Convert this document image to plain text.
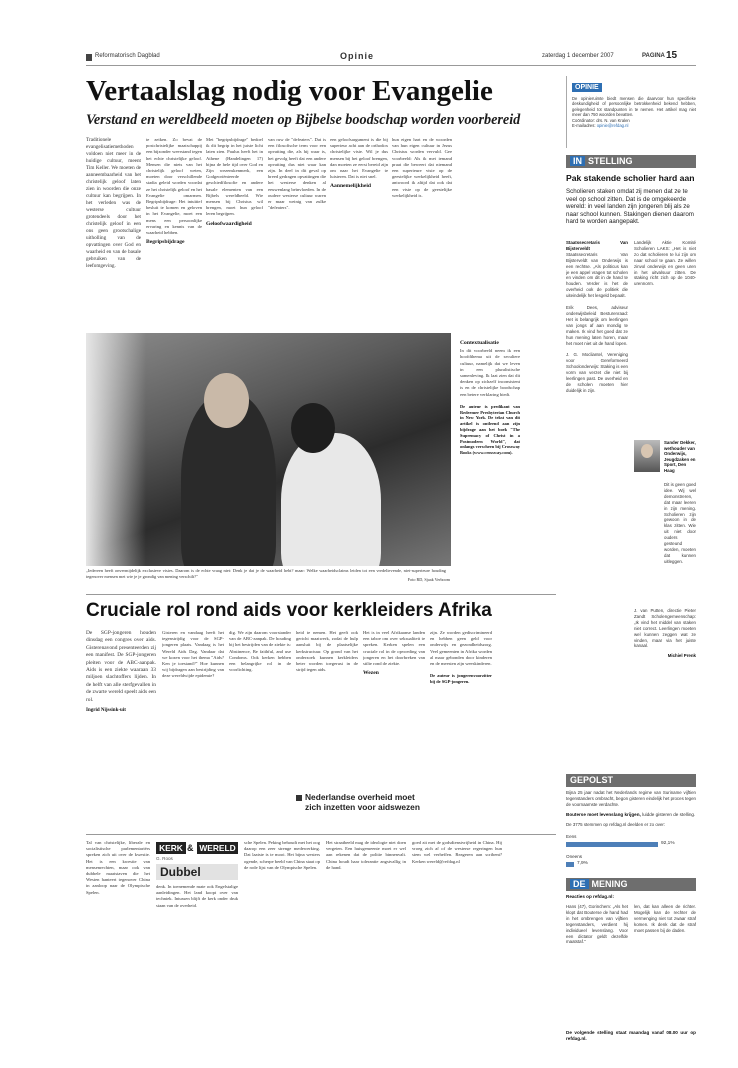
Reformatorisch Dagblad	Opinie	zaterdag 1 december 2007	PAGINA 15
Vertaalslag nodig voor Evangelie
Verstand en wereldbeeld moeten op Bijbelse boodschap worden voorbereid
Traditionele evangelisatiemethoden voldoen niet meer in de huidige cultuur, meent Tim Keller. We moeten de aanneembaarheid van het christelijk geloof laten zien in woorden die onze cultuur kan begrijpen. In het verleden was de westerse cultuur grotendeels door het christelijk geloof in een ons geen grootschalige uitholling van de opvattingen over God en waarheid en van de basale gebruiken van de leefomgeving.
te zeiken. Zo bevat de postchristelijke maatschappij een bijzonder weerstand tegen het echte christelijke geloof. Mensen die niets van het christelijk geloof weten, moeten door verschillende stadia geleid worden voordat ze het christelijk geloof en het Evangelie omarmen. Begripsbijdrage: Het intuïtief besluit te komen en geloven in het Evangelie, moet een mens een persoonlijke ervaring en kennis van de waarheid hebben.
Begripsbijdrage
Met "begripsbijdrage" bedoel ik dit begrip in het juiste licht laten zien. Paulus heeft het in Athene (Handelingen 17) bijna de hele tijd over God en Zijn wezenskenmerk, een Godgeoriënteerde geschiedfilosofie en andere basale elementen van een Bijbels wereldbeeld. Wie mensen bij Christus wil brengen, moet hun geloof leren begrijpen.
Geloofwaardigheid
van ruw de "defeaters". Dat is een filosofische term voor een opvatting die, als hij waar is, het gevolg heeft dat een andere opvatting dus niet waar kan zijn. In deel in dit geval op breed gedragen opvattingen die het westerse denken al eeuwenlang beïnvloeden. In de oudere westerse cultuur waren er maar weinig van zulke "defeaters".
een geloofsargument is die bij superieur acht aan de orthodox christelijke visie. Wil je dus mensen bij het geloof brengen, dan moeten ze eerst bereid zijn om naar het Evangelie te luisteren. Dat is niet snel.
Aannemelijkheid
hun eigen hart en de woorden van hun eigen cultuur in Jezus Christus worden vervuld. Gee voorbeeld: Als ik met iemand praat die beweert dat niemand een superieure visie op de geestelijke werkelijkheid heeft, antwoord ik altijd dat ook dat een visie op de geestelijke werkelijkheid is.
Contextualisatie
In dit voorbeeld neem ik een hoofdthema uit de seculiere cultuur, namelijk dat we leven in een pluralistische samenleving. Ik laat zien dat dit denken op zichzelf inconsistent is en de christelijke boodschap een betere verklaring biedt.
De auteur is predikant van Redeemer Presbyterian Church in New York. De tekst van dit artikel is ontleend aan zijn bijdrage aan het boek "The Supremacy of Christ in a Postmodern World", dat onlangs verscheen bij Crossway Books (www.crossway.com).
„Iedereen heeft onvermijdelijk exclusieve visies. Daarom is de echte vraag niet: Denk je dat je de waarheid hebt? maar: Welke waarheidsclaims leiden tot een vredelievende, niet-superieure houding tegenover mensen met wie je je grondig van mening verschilt?"
Foto RD, Sjaak Verboom
Cruciale rol rond aids voor kerkleiders Afrika
De SGP-jongeren houden dinsdag een congres over aids. Gisterenavond presenteerden zij een manifest. De SGP-jongeren pleiten voor de ABC-aanpak. Aids is een ziekte waaraan 33 miljoen slachtoffers lijden. In de helft van alle sterfgevallen in de zwarte wereld speelt aids een rol.
Ingrid Nijssink-uit
Gisteren en vandaag heeft het tegenstrijdig voor de SGP-jongeren plaats. Vandaag is het Wereld Aids Dag. Vandaar dat we kozen voor het thema "Aids? Ken je toestand?" Hoe kunnen wij bijdragen aan bestrijding van deze wereldwijde epidemie?
dig. We zijn daarom voorstander van de ABC-aanpak. De houding bij het bestrijden van de ziekte is: Abstinence, Be faithful, and use Condoms. Ook kerken hebben een belangrijke rol in de voorlichting.
heid te nemen. Het geeft ook gericht maatwerk, zodat de hulp aansluit bij de plaatselijke kerkstructuur. Op grond van het onderzoek kunnen kerkleiders beter worden toegerust in de strijd tegen aids.
Het is in veel Afrikaanse landen een taboe om over seksualiteit te spreken. Kerken spelen een cruciale rol in de opvoeding van jongeren en het doorbreken van stilte rond de ziekte.
Wezen
zijn. Ze worden gediscrimineerd en hebben geen geld voor onderwijs en gezondheidszorg. Veel gemeenten in Afrika worden al maar gebonden door kinderen en de meesten zijn weeskinderen.
De auteur is jongerenvoorzitter bij de SGP-jongeren.
Nederlandse overheid moet zich inzetten voor aidswezen
KERK & WERELD
G. Roos
Dubbel
Tal van christelijke, liberale en socialistische parlementariërs spreken zich uit over de kwestie. Het is een kwestie van mensenrechten, maar ook van dubbele maatstaven die het Westen hanteert tegenover China in aanloop naar de Olympische Spelen.
denk. In toenemende mate ook Engelstalige aanleidingen. Het land koopt over van techniek. Intussen blijft de kerk onder druk staan van de overheid.
sche Spelen. Peking behoudt met het oog daarop een zeer strenge medewerking. Dat laatste is te mooi. Het bijna westers ogende, scherpe beeld van China staat op de rode lijst van de Olympische Spelen.
Het straatbeeld mag de ideologie niet doen vergeten. Een huisgemeente moet er wel aan rekenen dat de politie binnenvalt. China houdt haar tolerantie angstvallig in de hand.
goed zit met de godsdienstvrijheid in China. Hij vroeg zich af of de westerse regeringen hun stem wel verheffen. Reageren aan scribent? Kerken wereld@refdag.nl
OPINIE
De opinieruimte biedt mensen die daarvoor hun specifieke deskundigheid of persoonlijke betrokkenheid bekend hebben, gelegenheid tot standpunten in te nemen. Het artikel mag niet meer dan 750 woorden bevatten.
Coördinator: drs. N. van Kralen
E-mailadres: opinie@refdag.nl
IN STELLING
Pak stakende scholier hard aan
Scholieren staken omdat zij menen dat ze te veel op school zitten. Dat is de omgekeerde wereld: in veel landen zijn jongeren blij als ze naar school kunnen. Stakingen dienen daarom hard te worden aangepakt.
Staatssecretaris Van Bijsterveldt
Staatssecretaris Van Bijsterveldt van Onderwijs is een rechtse. „Als politicus kan je een appel vragen tot scholen en vinden om dit in de hand te houden. Verder is het de overheid ook de politiek die uiteindelijk het lesgeld bepaalt.
Erik Dees, adviseur onderwijsbeleid Besturenraad: Het is belangrijk om leerlingen van jongs af aan mondig te maken. Ik vind het goed dat ze hun mening laten horen, maar het moet niet uit de hand lopen.
J. G. Mocliantel, Vereniging voor Gereformeerd Schoolonderwijs: Staking is een vorm van verzet die niet bij leerlingen past. De overheid en de scholen moeten hier duidelijk in zijn.
Landelijk Aktie Komité Scholieren LAKS: „Het is niet zo dat scholieren te lui zijn om naar school te gaan. Ze willen zinvol onderwijs en geen uren in het uitvalsuur zitten. De staking richt zich op de 1040-urennorm.
Sander Dekker, wethouder van Onderwijs, Jeugdzaken en Sport, Den Haag
Dit is geen goed idee. Wij wel demonstreren, dat maar leeren in zijn mening. Scholieren zijn gewoon in de klas zitten. Wie uit niet door ouders gesteund worden, moeten dat kunnen uitleggen.
J. van Putten, directie Pieter Zandt Scholengemeenschap: „Ik vind het middel van staken niet correct. Leerlingen moeten wel kunnen zeggen wat ze vinden, maar via het juiste kanaal.
Michiel Prenk
GEPOLST
Bijna 25 jaar nadat het Nederlands regime van Suriname vijftien tegenstanders ombracht, begon gisteren eindelijk het proces tegen de voornaamste verdachte.
Bouterse moet levenslang krijgen, luidde gisteren de stelling.
De 3775 stemmen op refdag.nl deelden er zo over:
Eens
92,1%
Oneens
7,9%
DE MENING
Reacties op refdag.nl:
Hans (47), Gorinchem: „Als het klopt dat Bouterse de hand had in het ombrengen van vijftien tegenstanders, verdient hij individueel levenslang. Voor een dictator geldt dezelfde maatstaf."
len, dat kan alleen de richter. Mogelijk kan de rechter de vermenging niet tot zwaar straf komen. Ik denk dat de straf moet passen bij de daden.
De volgende stelling staat maandag vanaf 08.00 uur op refdag.nl.
